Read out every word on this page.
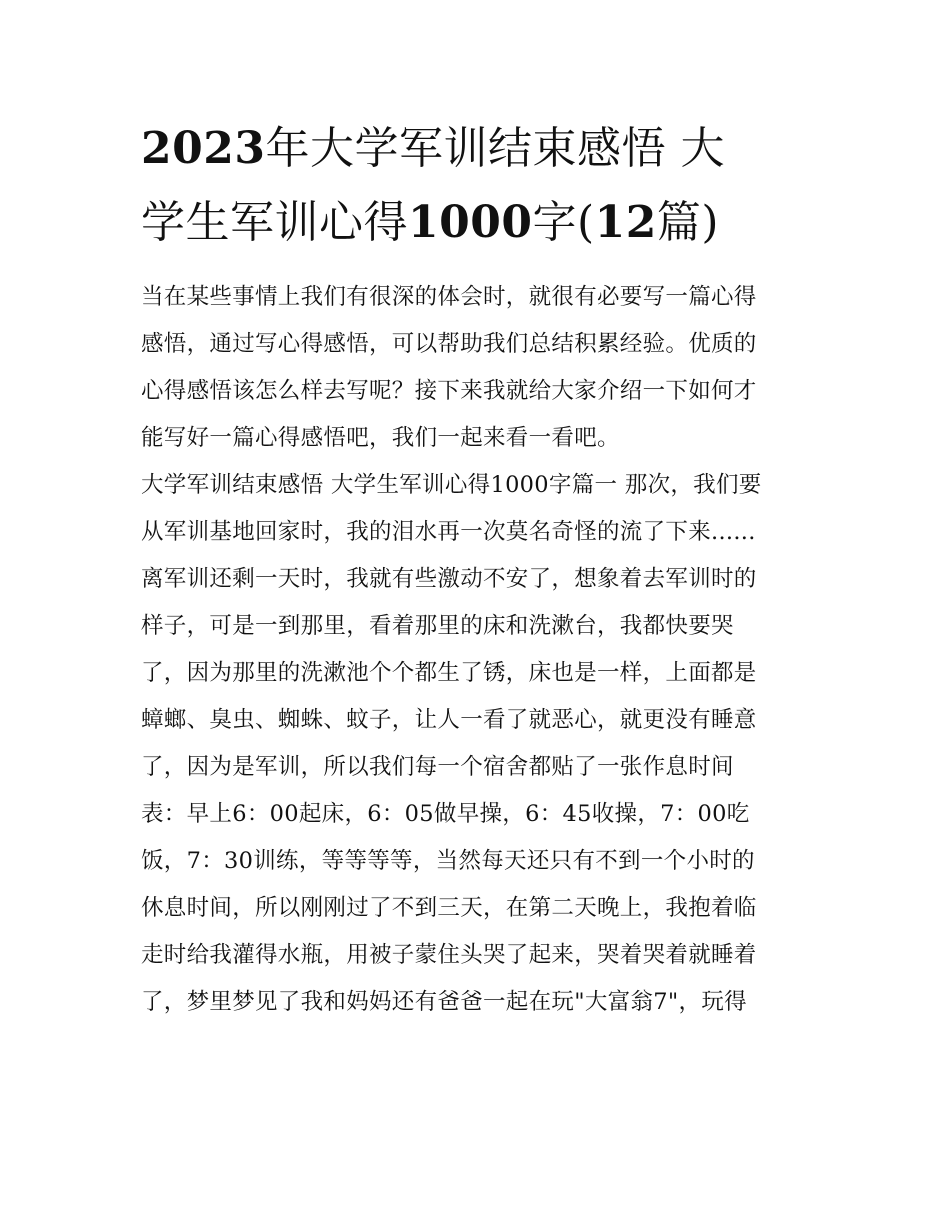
2023年大学军训结束感悟 大
学生军训心得1000字(12篇)

当在某些事情上我们有很深的体会时，就很有必要写一篇心得
感悟，通过写心得感悟，可以帮助我们总结积累经验。优质的
心得感悟该怎么样去写呢？接下来我就给大家介绍一下如何才
能写好一篇心得感悟吧，我们一起来看一看吧。

大学军训结束感悟 大学生军训心得1000字篇一 那次，我们要
从军训基地回家时，我的泪水再一次莫名奇怪的流了下来......
离军训还剩一天时，我就有些激动不安了，想象着去军训时的
样子，可是一到那里，看着那里的床和洗漱台，我都快要哭
了，因为那里的洗漱池个个都生了锈，床也是一样，上面都是
蟑螂、臭虫、蜘蛛、蚊子，让人一看了就恶心，就更没有睡意
了，因为是军训，所以我们每一个宿舍都贴了一张作息时间
表：早上6：00起床，6：05做早操，6：45收操，7：00吃
饭，7：30训练，等等等等，当然每天还只有不到一个小时的
休息时间，所以刚刚过了不到三天，在第二天晚上，我抱着临
走时给我灌得水瓶，用被子蒙住头哭了起来，哭着哭着就睡着
了，梦里梦见了我和妈妈还有爸爸一起在玩"大富翁7"，玩得
